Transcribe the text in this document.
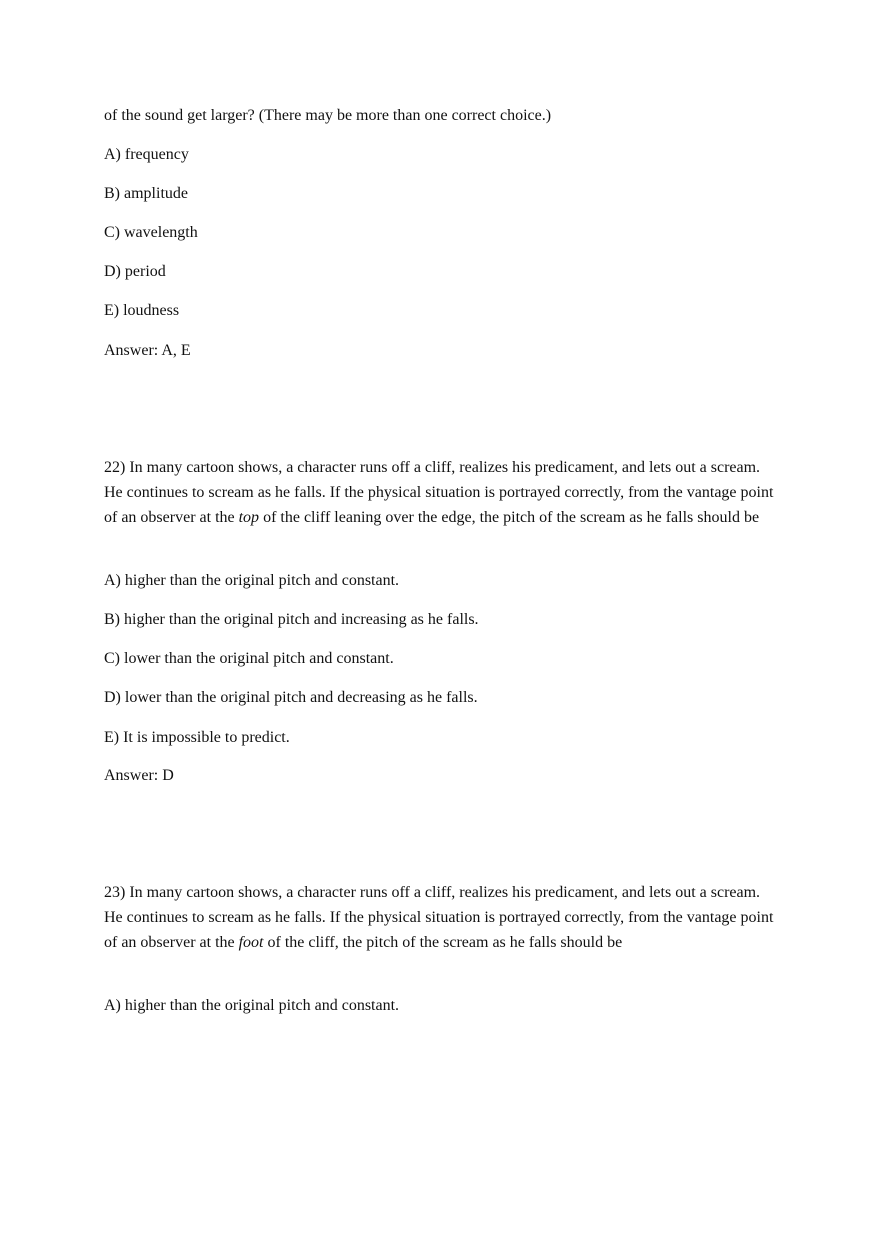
of the sound get larger? (There may be more than one correct choice.)
A) frequency
B) amplitude
C) wavelength
D) period
E) loudness
Answer: A, E
22) In many cartoon shows, a character runs off a cliff, realizes his predicament, and lets out a scream. He continues to scream as he falls. If the physical situation is portrayed correctly, from the vantage point of an observer at the top of the cliff leaning over the edge, the pitch of the scream as he falls should be
A) higher than the original pitch and constant.
B) higher than the original pitch and increasing as he falls.
C) lower than the original pitch and constant.
D) lower than the original pitch and decreasing as he falls.
E) It is impossible to predict.
Answer: D
23) In many cartoon shows, a character runs off a cliff, realizes his predicament, and lets out a scream. He continues to scream as he falls. If the physical situation is portrayed correctly, from the vantage point of an observer at the foot of the cliff, the pitch of the scream as he falls should be
A) higher than the original pitch and constant.
